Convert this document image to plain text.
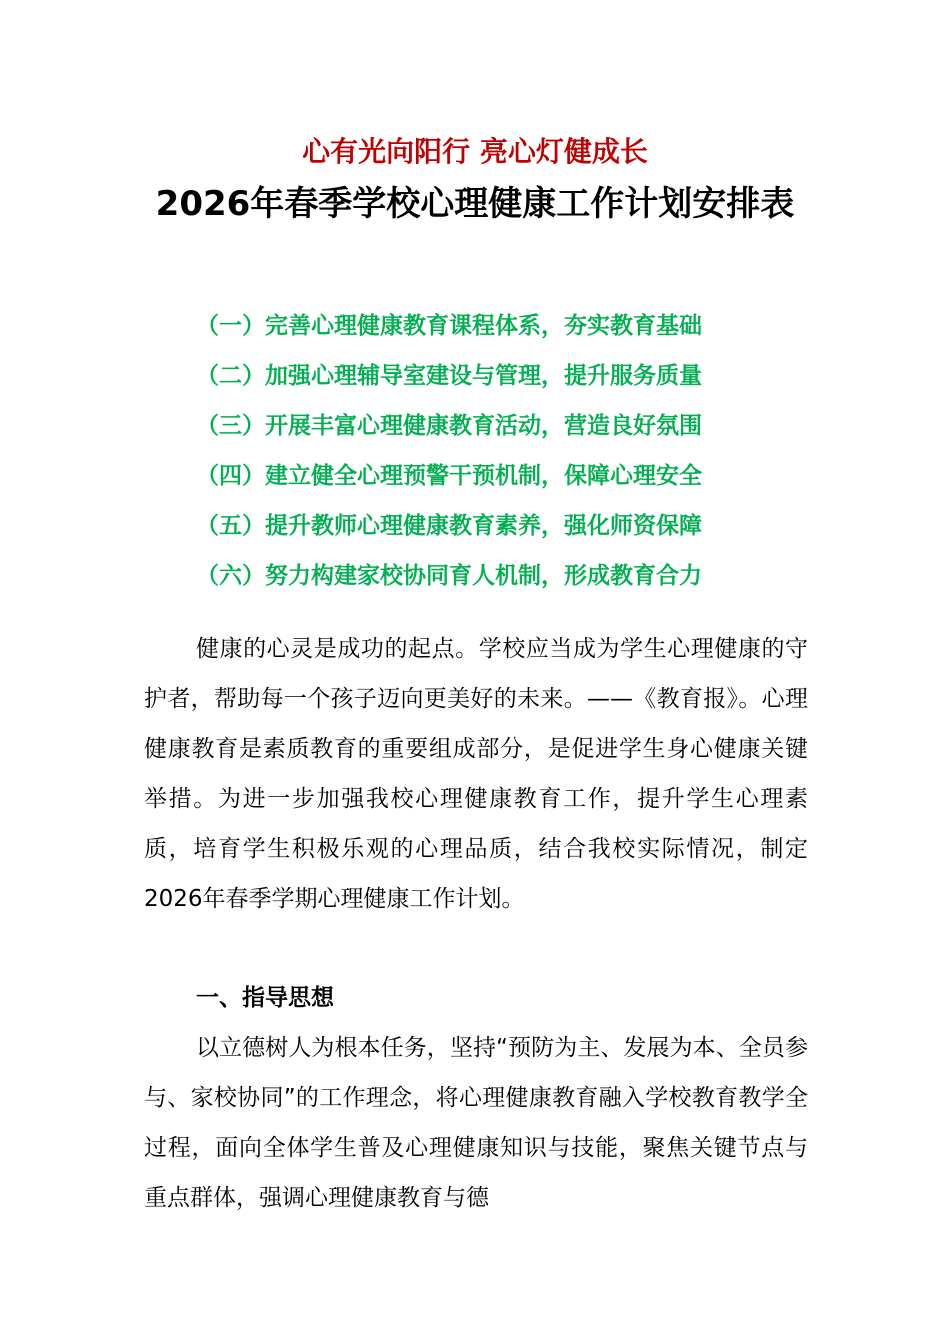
心有光向阳行 亮心灯健成长
2026年春季学校心理健康工作计划安排表
（一）完善心理健康教育课程体系，夯实教育基础
（二）加强心理辅导室建设与管理，提升服务质量
（三）开展丰富心理健康教育活动，营造良好氛围
（四）建立健全心理预警干预机制，保障心理安全
（五）提升教师心理健康教育素养，强化师资保障
（六）努力构建家校协同育人机制，形成教育合力

健康的心灵是成功的起点。学校应当成为学生心理健康的守护者，帮助每一个孩子迈向更美好的未来。——《教育报》。心理健康教育是素质教育的重要组成部分，是促进学生身心健康关键举措。为进一步加强我校心理健康教育工作，提升学生心理素质，培育学生积极乐观的心理品质，结合我校实际情况，制定2026年春季学期心理健康工作计划。

一、指导思想

以立德树人为根本任务，坚持“预防为主、发展为本、全员参与、家校协同”的工作理念，将心理健康教育融入学校教育教学全过程，面向全体学生普及心理健康知识与技能，聚焦关键节点与重点群体，强调心理健康教育与德
